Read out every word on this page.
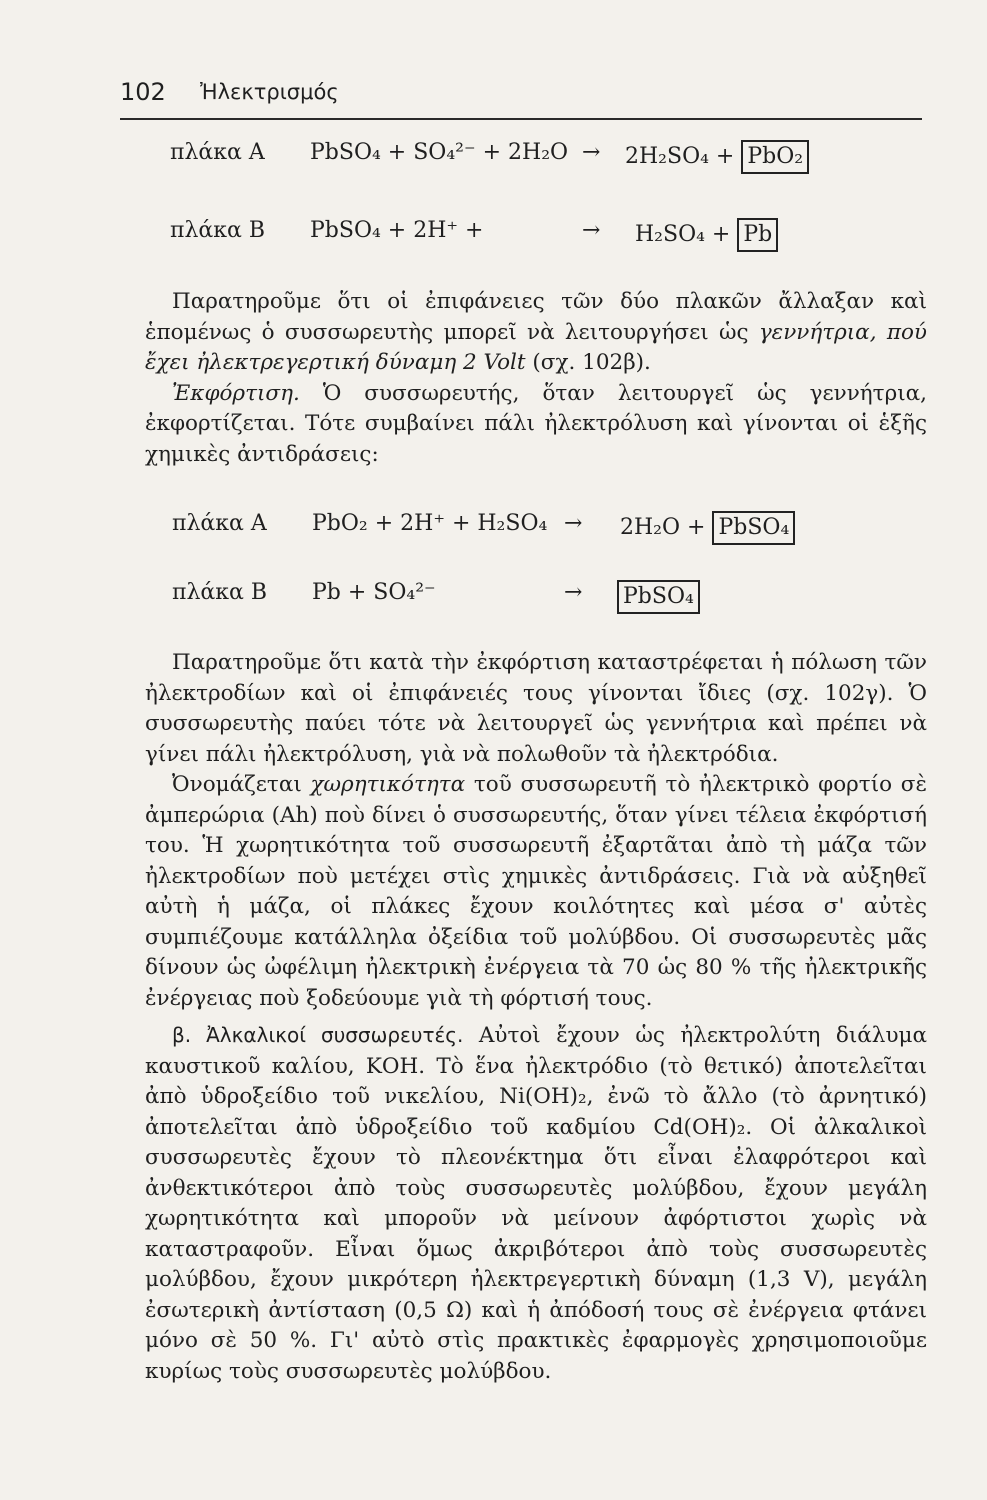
102 Ἠλεκτρισμός
πλάκα Α PbSO₄ + SO₄²⁻ + 2H₂O → 2H₂SO₄ + PbO₂
πλάκα Β PbSO₄ + 2H⁺ +	→ H₂SO₄ + Pb

Παρατηροῦμε ὅτι οἱ ἐπιφάνειες τῶν δύο πλακῶν ἄλλαξαν καὶ ἑπομένως ὁ συσσωρευτὴς μπορεῖ νὰ λειτουργήσει ὡς γεννήτρια, πού ἔχει ἠλεκτρεγερτική δύναμη 2 Volt (σχ. 102β).

Ἐκφόρτιση. Ὁ συσσωρευτής, ὅταν λειτουργεῖ ὡς γεννήτρια, ἐκφορτίζεται. Τότε συμβαίνει πάλι ἠλεκτρόλυση καὶ γίνονται οἱ ἑξῆς χημικὲς ἀντιδράσεις:

πλάκα Α PbO₂ + 2H⁺ + H₂SO₄ → 2H₂O + PbSO₄
πλάκα Β Pb + SO₄²⁻	→ PbSO₄

Παρατηροῦμε ὅτι κατὰ τὴν ἐκφόρτιση καταστρέφεται ἡ πόλωση τῶν ἠλεκτροδίων καὶ οἱ ἐπιφάνειές τους γίνονται ἴδιες (σχ. 102γ). Ὁ συσσωρευτὴς παύει τότε νὰ λειτουργεῖ ὡς γεννήτρια καὶ πρέπει νὰ γίνει πάλι ἠλεκτρόλυση, γιὰ νὰ πολωθοῦν τὰ ἠλεκτρόδια.

Ὀνομάζεται χωρητικότητα τοῦ συσσωρευτῆ τὸ ἠλεκτρικὸ φορτίο σὲ ἀμπερώρια (Ah) ποὺ δίνει ὁ συσσωρευτής, ὅταν γίνει τέλεια ἐκφόρτισή του. Ἡ χωρητικότητα τοῦ συσσωρευτῆ ἐξαρτᾶται ἀπὸ τὴ μάζα τῶν ἠλεκτροδίων ποὺ μετέχει στὶς χημικὲς ἀντιδράσεις. Γιὰ νὰ αὐξηθεῖ αὐτὴ ἡ μάζα, οἱ πλάκες ἔχουν κοιλότητες καὶ μέσα σ' αὐτὲς συμπιέζουμε κατάλληλα ὀξείδια τοῦ μολύβδου. Οἱ συσσωρευτὲς μᾶς δίνουν ὡς ὠφέλιμη ἠλεκτρικὴ ἐνέργεια τὰ 70 ὡς 80 % τῆς ἠλεκτρικῆς ἐνέργειας ποὺ ξοδεύουμε γιὰ τὴ φόρτισή τους.

β. Ἀλκαλικοί συσσωρευτές. Αὐτοὶ ἔχουν ὡς ἠλεκτρολύτη διάλυμα καυστικοῦ καλίου, ΚΟΗ. Τὸ ἕνα ἠλεκτρόδιο (τὸ θετικό) ἀποτελεῖται ἀπὸ ὑδροξείδιο τοῦ νικελίου, Ni(OH)₂, ἐνῶ τὸ ἄλλο (τὸ ἀρνητικό) ἀποτελεῖται ἀπὸ ὑδροξείδιο τοῦ καδμίου Cd(OH)₂. Οἱ ἀλκαλικοὶ συσσωρευτὲς ἔχουν τὸ πλεονέκτημα ὅτι εἶναι ἐλαφρότεροι καὶ ἀνθεκτικότεροι ἀπὸ τοὺς συσσωρευτὲς μολύβδου, ἔχουν μεγάλη χωρητικότητα καὶ μποροῦν νὰ μείνουν ἀφόρτιστοι χωρὶς νὰ καταστραφοῦν. Εἶναι ὅμως ἀκριβότεροι ἀπὸ τοὺς συσσωρευτὲς μολύβδου, ἔχουν μικρότερη ἠλεκτρεγερτικὴ δύναμη (1,3 V), μεγάλη ἐσωτερικὴ ἀντίσταση (0,5 Ω) καὶ ἡ ἀπόδοσή τους σὲ ἐνέργεια φτάνει μόνο σὲ 50 %. Γι' αὐτὸ στὶς πρακτικὲς ἐφαρμογὲς χρησιμοποιοῦμε κυρίως τοὺς συσσωρευτὲς μολύβδου.
